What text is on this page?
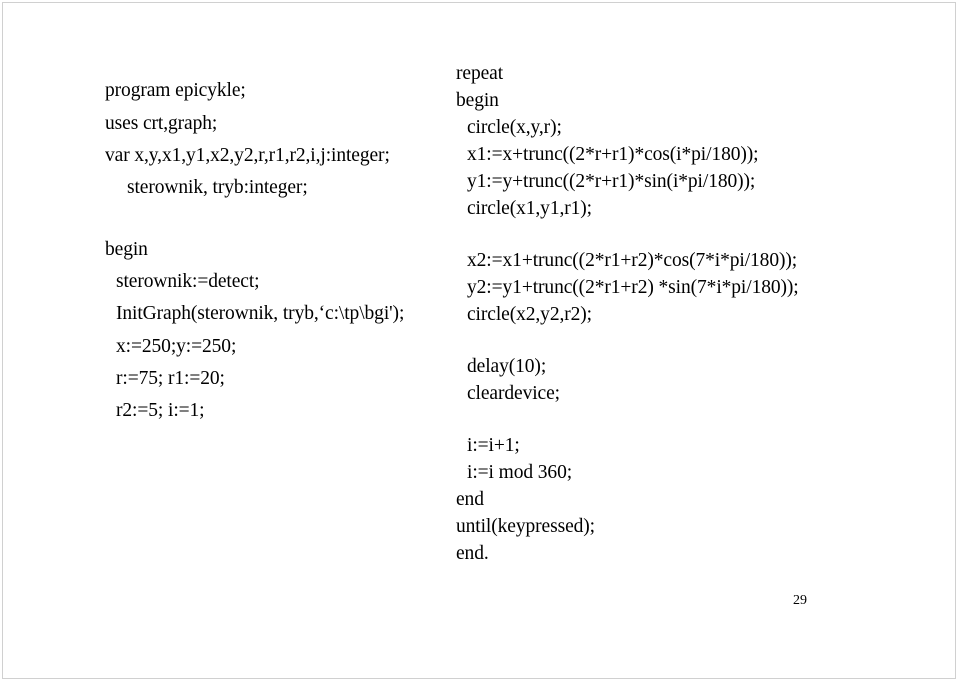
program epicykle;
uses crt,graph;
var x,y,x1,y1,x2,y2,r,r1,r2,i,j:integer;
sterownik, tryb:integer;
begin
sterownik:=detect;
InitGraph(sterownik, tryb,‘c:\tp\bgi');
x:=250;y:=250;
r:=75; r1:=20;
r2:=5; i:=1;
repeat
begin
circle(x,y,r);
x1:=x+trunc((2*r+r1)*cos(i*pi/180));
y1:=y+trunc((2*r+r1)*sin(i*pi/180));
circle(x1,y1,r1);
x2:=x1+trunc((2*r1+r2)*cos(7*i*pi/180));
y2:=y1+trunc((2*r1+r2) *sin(7*i*pi/180));
circle(x2,y2,r2);
delay(10);
cleardevice;
i:=i+1;
i:=i mod 360;
end
until(keypressed);
end.
29
